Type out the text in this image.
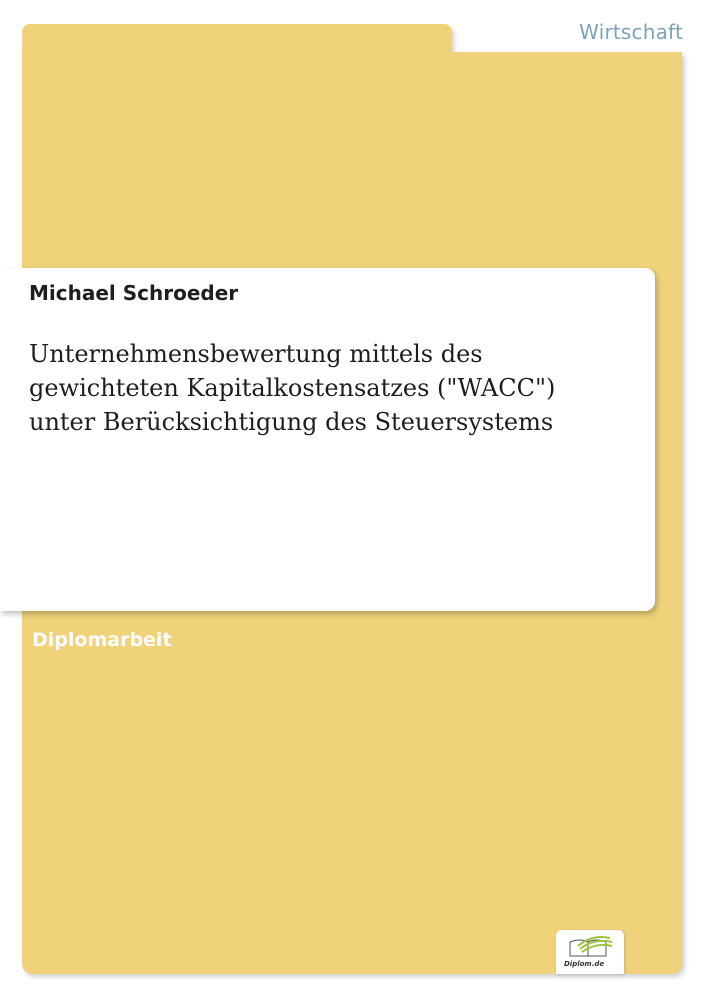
Wirtschaft
Michael Schroeder
Unternehmensbewertung mittels des
gewichteten Kapitalkostensatzes ("WACC")
unter Berücksichtigung des Steuersystems
Diplomarbeit
Diplom.de
